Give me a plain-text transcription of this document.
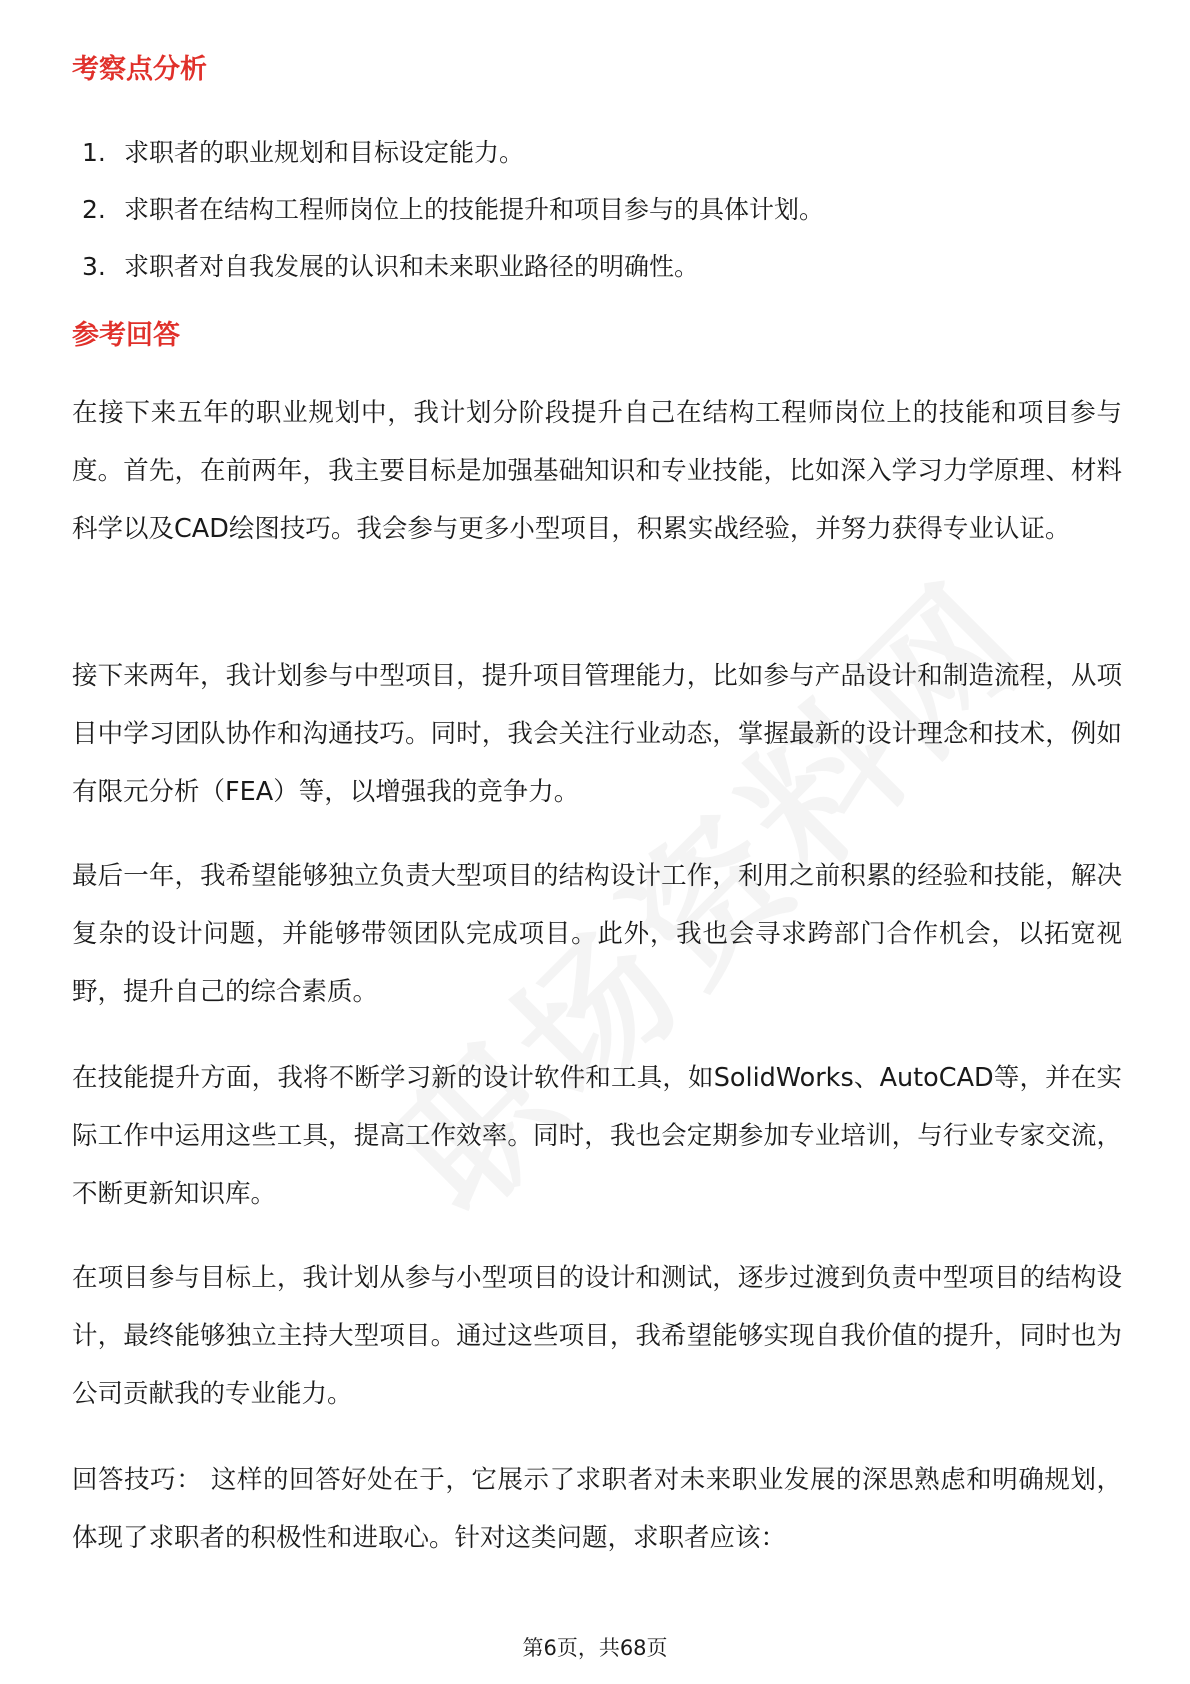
考察点分析
1. 求职者的职业规划和目标设定能力。
2. 求职者在结构工程师岗位上的技能提升和项目参与的具体计划。
3. 求职者对自我发展的认识和未来职业路径的明确性。
参考回答

在接下来五年的职业规划中，我计划分阶段提升自己在结构工程师岗位上的技能和项目参与度。首先，在前两年，我主要目标是加强基础知识和专业技能，比如深入学习力学原理、材料科学以及CAD绘图技巧。我会参与更多小型项目，积累实战经验，并努力获得专业认证。

接下来两年，我计划参与中型项目，提升项目管理能力，比如参与产品设计和制造流程，从项目中学习团队协作和沟通技巧。同时，我会关注行业动态，掌握最新的设计理念和技术，例如有限元分析（FEA）等，以增强我的竞争力。

最后一年，我希望能够独立负责大型项目的结构设计工作，利用之前积累的经验和技能，解决复杂的设计问题，并能够带领团队完成项目。此外，我也会寻求跨部门合作机会，以拓宽视野，提升自己的综合素质。

在技能提升方面，我将不断学习新的设计软件和工具，如SolidWorks、AutoCAD等，并在实际工作中运用这些工具，提高工作效率。同时，我也会定期参加专业培训，与行业专家交流，不断更新知识库。

在项目参与目标上，我计划从参与小型项目的设计和测试，逐步过渡到负责中型项目的结构设计，最终能够独立主持大型项目。通过这些项目，我希望能够实现自我价值的提升，同时也为公司贡献我的专业能力。

回答技巧： 这样的回答好处在于，它展示了求职者对未来职业发展的深思熟虑和明确规划，体现了求职者的积极性和进取心。针对这类问题，求职者应该：

第6页，共68页
